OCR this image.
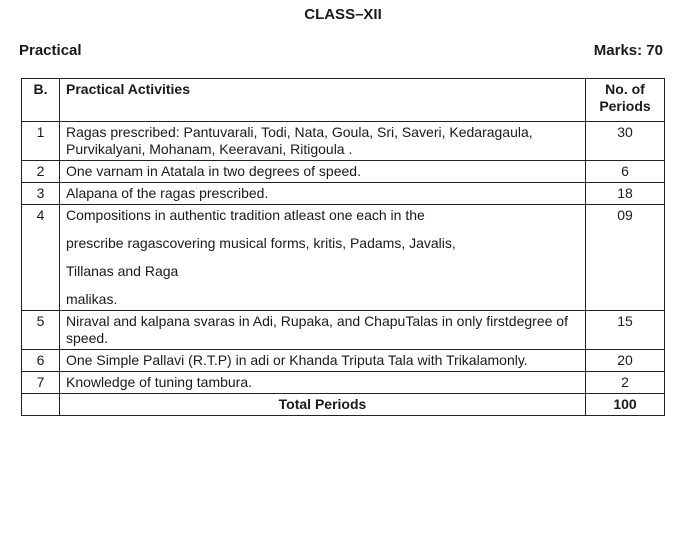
CLASS–XII
Practical	Marks: 70
B.	Practical Activities	No. of Periods
1	Ragas prescribed: Pantuvarali, Todi, Nata, Goula, Sri, Saveri, Kedaragaula, Purvikalyani, Mohanam, Keeravani, Ritigoula .	30
2	One varnam in Atatala in two degrees of speed.	6
3	Alapana of the ragas prescribed.	18
4	Compositions in authentic tradition atleast one each in the

prescribe ragascovering musical forms, kritis, Padams, Javalis,

Tillanas and Raga

malikas.	09
5	Niraval and kalpana svaras in Adi, Rupaka, and ChapuTalas in only firstdegree of speed.	15
6	One Simple Pallavi (R.T.P) in adi or Khanda Triputa Tala with Trikalamonly.	20
7	Knowledge of tuning tambura.	2
	Total Periods	100
